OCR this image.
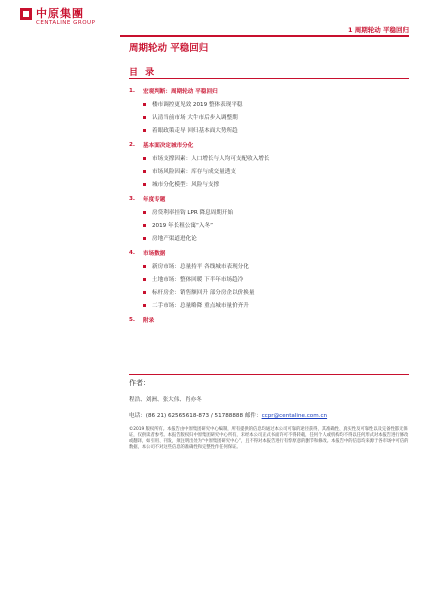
中原集團
CENTALINE GROUP
1 周期轮动 平稳回归
周期轮动 平稳回归
目 录
1.	宏观判断：周期轮动 平稳回归
楼市调控更见效 2019 整体表现平稳
认清当前市场 大牛市后步入调整期
着眼政策走导 回归基本面大势所趋
2.	基本面决定城市分化
市场支撑因素：人口增长与人均可支配收入增长
市场风险因素：库存与成交量透支
城市分化模型：风险与支撑
3.	年度专题
房贷利率挂钩 LPR 降息周期开始
2019 年长租公寓“入冬”
房地产渠道进化论
4.	市场数据
新房市场：总量持平 各线城市表现分化
土地市场：整体回暖 下半年市场趋冷
标杆房企：销售额回升 部分房企以价换量
二手市场：总量略降 重点城市量价齐升
5.	附录
作者：
程浩、刘洲、张大伟、肖亦冬
电话：(86 21) 62565618-873 / 51788888 邮件：ccpr@centaline.com.cn
©2019 版权所有。本报告由中原集团研究中心编制，所有提供的信息均通过本公司可靠的途径获得，其准确性、真实性及可靠性以及完备性都无保证，仅供读者参考。本报告版权归中原集团研究中心所有，未经本公司正式书面许可不得转载，任何个人或机构均不得以任何形式对本报告进行修改或翻译，如引用、刊发，须注明出处为“中原集团研究中心”，且不得对本报告进行有悖原意的删节和修改。本报告中的信息均来源于各市场中可信的数据，本公司不对这些信息的准确性和完整性作任何保证。
